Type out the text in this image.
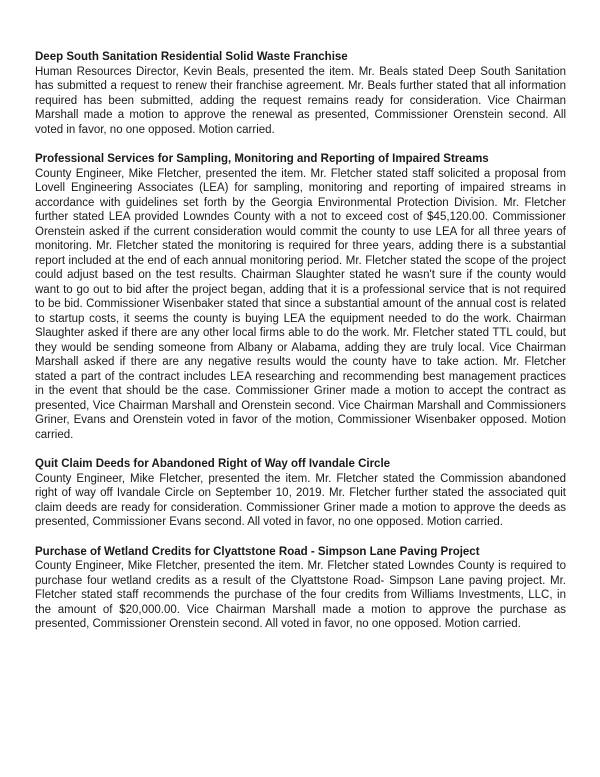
Deep South Sanitation Residential Solid Waste Franchise

Human Resources Director, Kevin Beals, presented the item. Mr. Beals stated Deep South Sanitation has submitted a request to renew their franchise agreement. Mr. Beals further stated that all information required has been submitted, adding the request remains ready for consideration. Vice Chairman Marshall made a motion to approve the renewal as presented, Commissioner Orenstein second. All voted in favor, no one opposed. Motion carried.

Professional Services for Sampling, Monitoring and Reporting of Impaired Streams

County Engineer, Mike Fletcher, presented the item. Mr. Fletcher stated staff solicited a proposal from Lovell Engineering Associates (LEA) for sampling, monitoring and reporting of impaired streams in accordance with guidelines set forth by the Georgia Environmental Protection Division. Mr. Fletcher further stated LEA provided Lowndes County with a not to exceed cost of $45,120.00. Commissioner Orenstein asked if the current consideration would commit the county to use LEA for all three years of monitoring. Mr. Fletcher stated the monitoring is required for three years, adding there is a substantial report included at the end of each annual monitoring period. Mr. Fletcher stated the scope of the project could adjust based on the test results. Chairman Slaughter stated he wasn't sure if the county would want to go out to bid after the project began, adding that it is a professional service that is not required to be bid. Commissioner Wisenbaker stated that since a substantial amount of the annual cost is related to startup costs, it seems the county is buying LEA the equipment needed to do the work. Chairman Slaughter asked if there are any other local firms able to do the work. Mr. Fletcher stated TTL could, but they would be sending someone from Albany or Alabama, adding they are truly local. Vice Chairman Marshall asked if there are any negative results would the county have to take action. Mr. Fletcher stated a part of the contract includes LEA researching and recommending best management practices in the event that should be the case. Commissioner Griner made a motion to accept the contract as presented, Vice Chairman Marshall and Orenstein second. Vice Chairman Marshall and Commissioners Griner, Evans and Orenstein voted in favor of the motion, Commissioner Wisenbaker opposed. Motion carried.

Quit Claim Deeds for Abandoned Right of Way off Ivandale Circle

County Engineer, Mike Fletcher, presented the item. Mr. Fletcher stated the Commission abandoned right of way off Ivandale Circle on September 10, 2019. Mr. Fletcher further stated the associated quit claim deeds are ready for consideration. Commissioner Griner made a motion to approve the deeds as presented, Commissioner Evans second. All voted in favor, no one opposed. Motion carried.

Purchase of Wetland Credits for Clyattstone Road - Simpson Lane Paving Project

County Engineer, Mike Fletcher, presented the item. Mr. Fletcher stated Lowndes County is required to purchase four wetland credits as a result of the Clyattstone Road- Simpson Lane paving project. Mr. Fletcher stated staff recommends the purchase of the four credits from Williams Investments, LLC, in the amount of $20,000.00. Vice Chairman Marshall made a motion to approve the purchase as presented, Commissioner Orenstein second. All voted in favor, no one opposed. Motion carried.
